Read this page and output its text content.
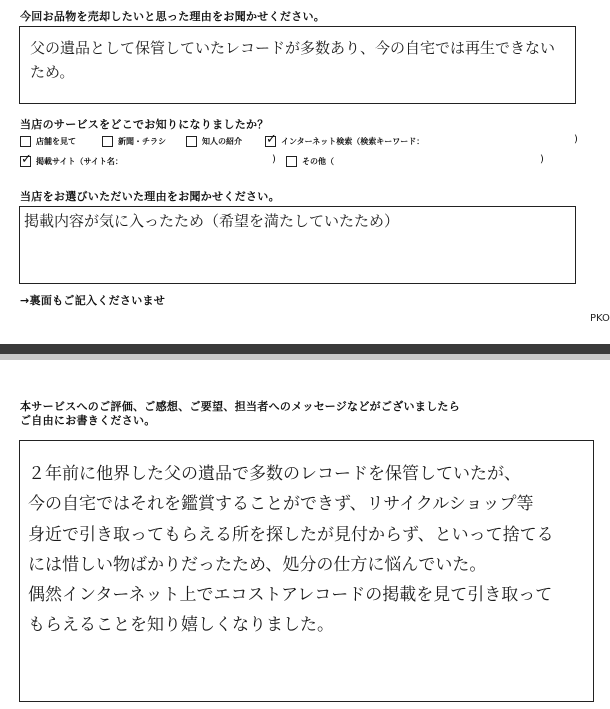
今回お品物を売却したいと思った理由をお聞かせください。
父の遺品として保管していたレコードが多数あり、今の自宅では再生できない
ため。
当店のサービスをどこでお知りになりましたか？
店舗を見て	新聞・チラシ	知人の紹介
✓	インターネット検索（検索キーワード：	)
✓
掲載サイト（サイト名：	)	その他（	)
当店をお選びいただいた理由をお聞かせください。
掲載内容が気に入ったため（希望を満たしていたため）
→裏面もご記入くださいませ
PKO
本サービスへのご評価、ご感想、ご要望、担当者へのメッセージなどがございましたら
ご自由にお書きください。
２年前に他界した父の遺品で多数のレコードを保管していたが、
今の自宅ではそれを鑑賞することができず、リサイクルショップ等
身近で引き取ってもらえる所を探したが見付からず、といって捨てる
には惜しい物ばかりだったため、処分の仕方に悩んでいた。
偶然インターネット上でエコストアレコードの掲載を見て引き取って
もらえることを知り嬉しくなりました。
